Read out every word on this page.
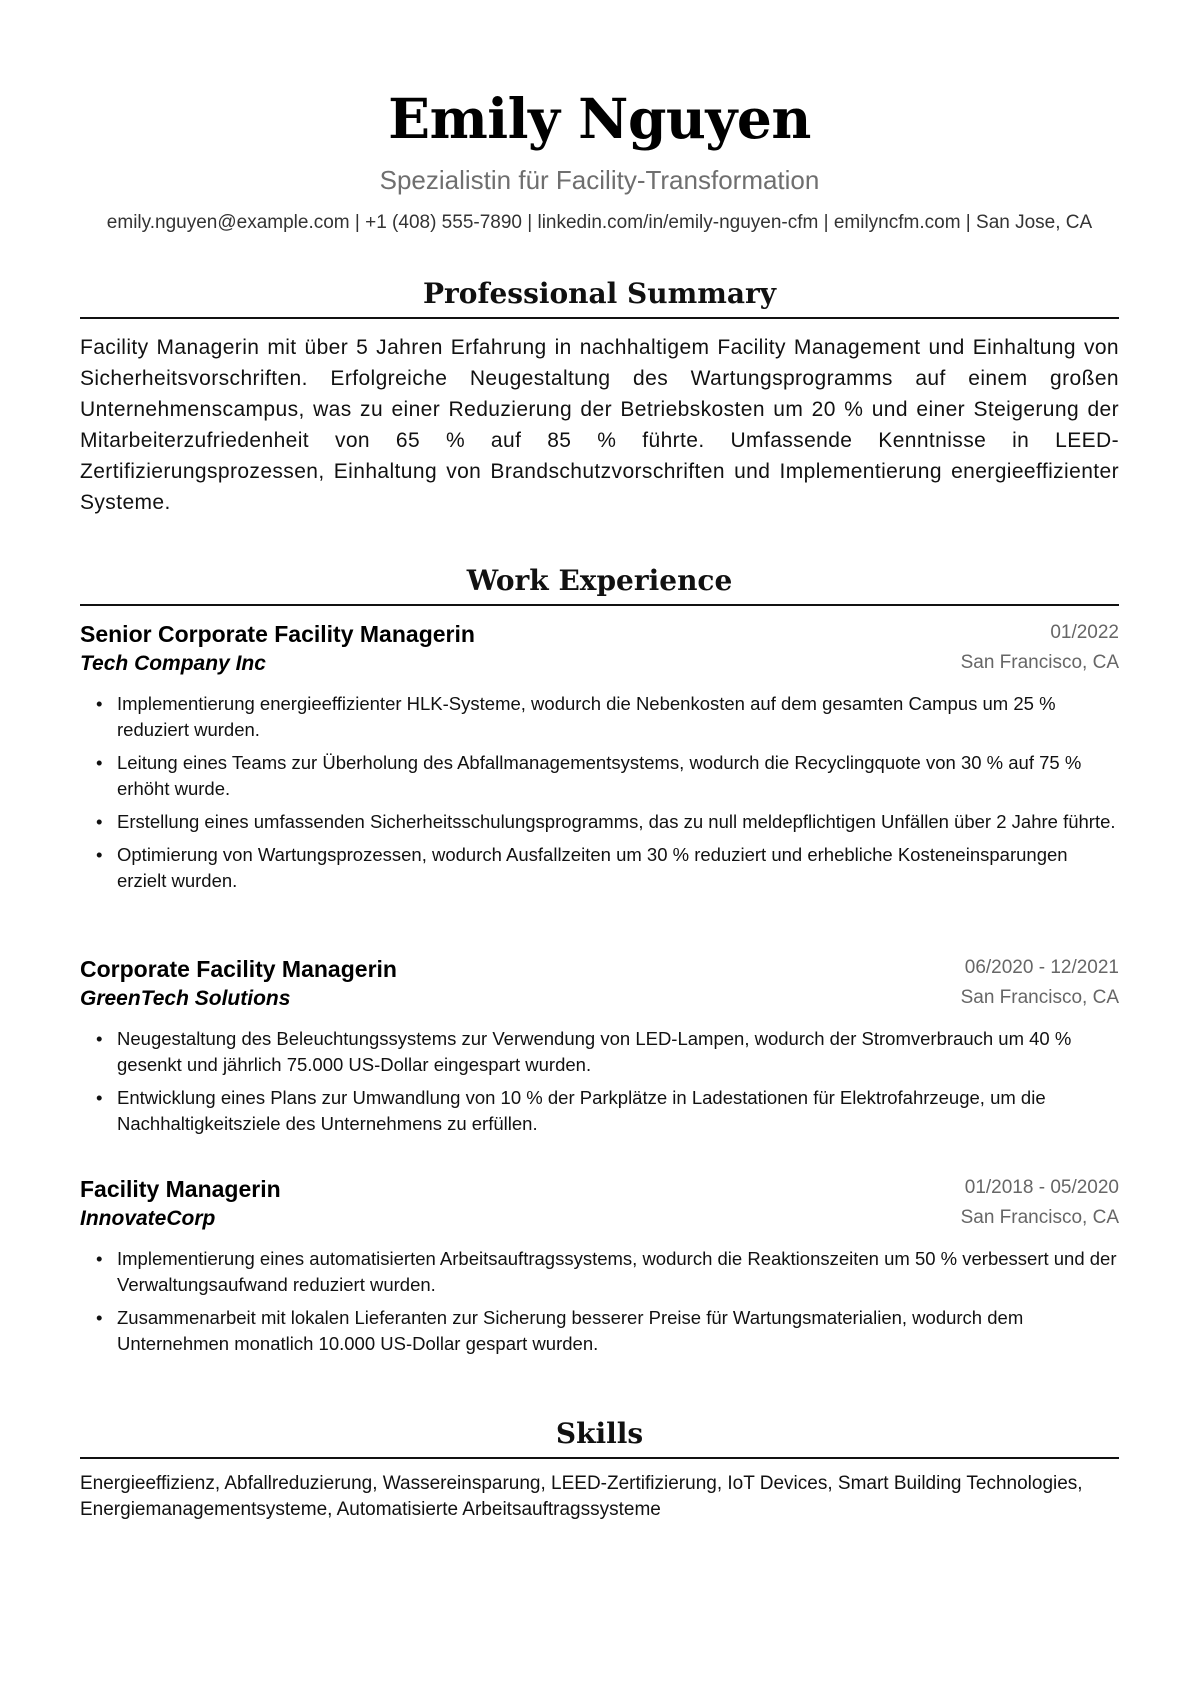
Emily Nguyen
Spezialistin für Facility-Transformation
emily.nguyen@example.com | +1 (408) 555-7890 | linkedin.com/in/emily-nguyen-cfm | emilyncfm.com | San Jose, CA
Professional Summary

Facility Managerin mit über 5 Jahren Erfahrung in nachhaltigem Facility Management und Einhaltung von Sicherheitsvorschriften. Erfolgreiche Neugestaltung des Wartungsprogramms auf einem großen Unternehmenscampus, was zu einer Reduzierung der Betriebskosten um 20 % und einer Steigerung der Mitarbeiterzufriedenheit von 65 % auf 85 % führte. Umfassende Kenntnisse in LEED-Zertifizierungsprozessen, Einhaltung von Brandschutzvorschriften und Implementierung energieeffizienter Systeme.

Work Experience
Senior Corporate Facility Managerin	01/2022
Tech Company Inc	San Francisco, CA
• Implementierung energieeffizienter HLK-Systeme, wodurch die Nebenkosten auf dem gesamten Campus um 25 % reduziert wurden.
• Leitung eines Teams zur Überholung des Abfallmanagementsystems, wodurch die Recyclingquote von 30 % auf 75 % erhöht wurde.
• Erstellung eines umfassenden Sicherheitsschulungsprogramms, das zu null meldepflichtigen Unfällen über 2 Jahre führte.
• Optimierung von Wartungsprozessen, wodurch Ausfallzeiten um 30 % reduziert und erhebliche Kosteneinsparungen erzielt wurden.
Corporate Facility Managerin	06/2020 - 12/2021
GreenTech Solutions	San Francisco, CA
• Neugestaltung des Beleuchtungssystems zur Verwendung von LED-Lampen, wodurch der Stromverbrauch um 40 % gesenkt und jährlich 75.000 US-Dollar eingespart wurden.
• Entwicklung eines Plans zur Umwandlung von 10 % der Parkplätze in Ladestationen für Elektrofahrzeuge, um die Nachhaltigkeitsziele des Unternehmens zu erfüllen.
Facility Managerin	01/2018 - 05/2020
InnovateCorp	San Francisco, CA
• Implementierung eines automatisierten Arbeitsauftragssystems, wodurch die Reaktionszeiten um 50 % verbessert und der Verwaltungsaufwand reduziert wurden.
• Zusammenarbeit mit lokalen Lieferanten zur Sicherung besserer Preise für Wartungsmaterialien, wodurch dem Unternehmen monatlich 10.000 US-Dollar gespart wurden.
Skills

Energieeffizienz, Abfallreduzierung, Wassereinsparung, LEED-Zertifizierung, IoT Devices, Smart Building Technologies, Energiemanagementsysteme, Automatisierte Arbeitsauftragssysteme
